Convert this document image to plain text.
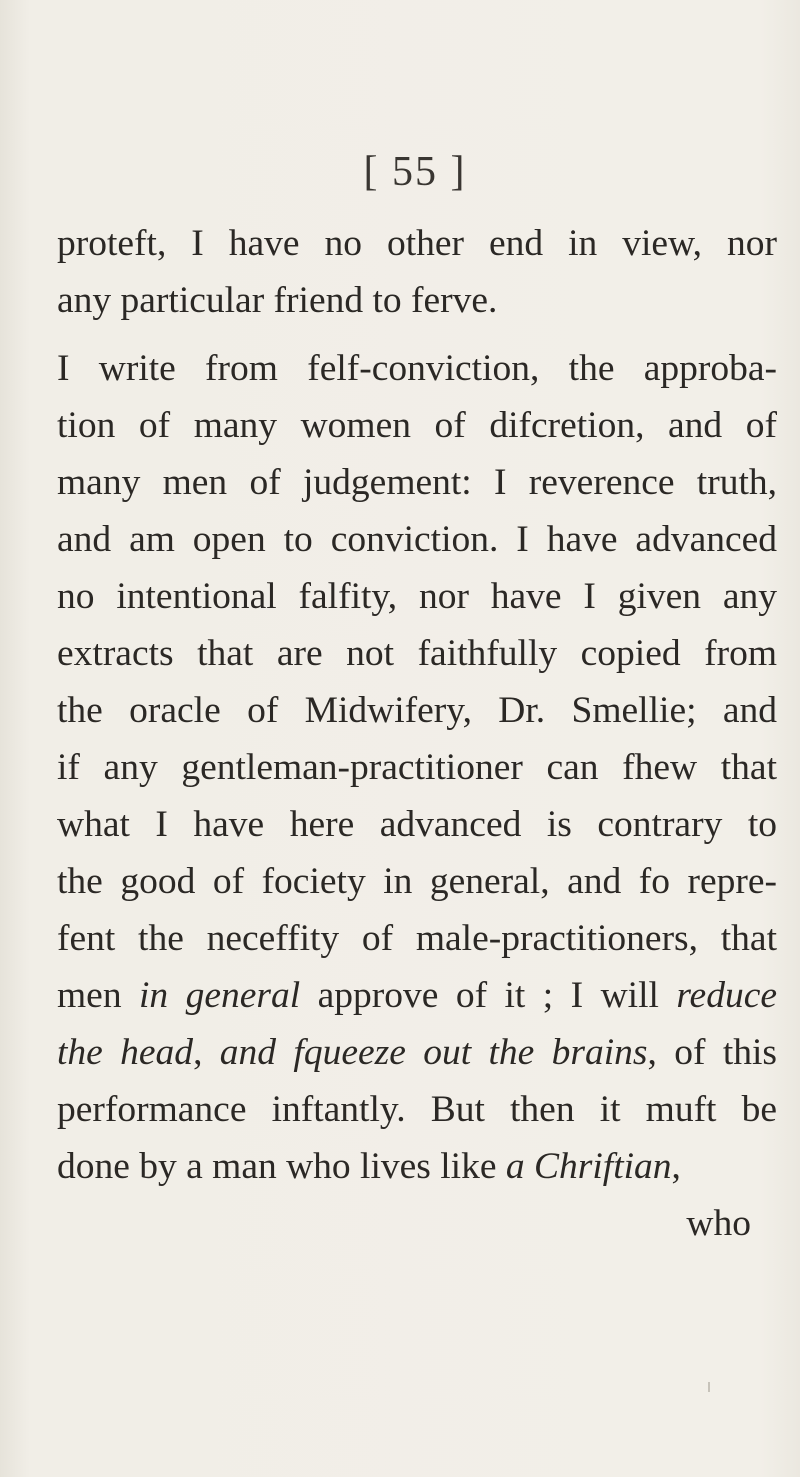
[ 55 ]
proteft, I have no other end in view, nor
any particular friend to ferve.
I write from felf-conviction, the approba-
tion of many women of difcretion, and of
many men of judgement: I reverence truth,
and am open to conviction. I have advanced
no intentional falfity, nor have I given any
extracts that are not faithfully copied from
the oracle of Midwifery, Dr. Smellie; and
if any gentleman-practitioner can fhew that
what I have here advanced is contrary to
the good of fociety in general, and fo repre-
fent the neceffity of male-practitioners, that
men in general approve of it ; I will reduce
the head, and fqueeze out the brains, of this
performance inftantly. But then it muft be
done by a man who lives like a Chriftian,
who
